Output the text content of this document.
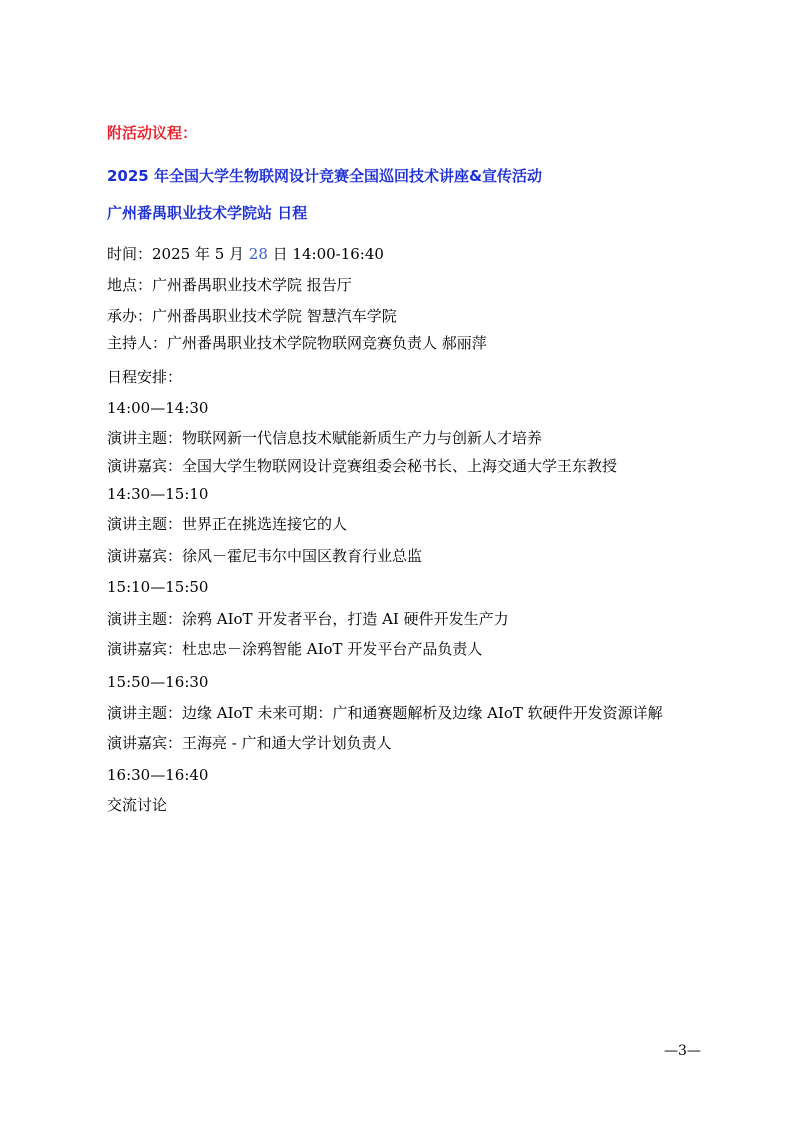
附活动议程：
2025 年全国大学生物联网设计竞赛全国巡回技术讲座&宣传活动
广州番禺职业技术学院站 日程
时间：2025 年 5 月 28 日 14:00-16:40
地点：广州番禺职业技术学院 报告厅
承办：广州番禺职业技术学院 智慧汽车学院
主持人：广州番禺职业技术学院物联网竞赛负责人 郝丽萍
日程安排：
14:00—14:30
演讲主题：物联网新一代信息技术赋能新质生产力与创新人才培养
演讲嘉宾：全国大学生物联网设计竞赛组委会秘书长、上海交通大学王东教授
14:30—15:10
演讲主题：世界正在挑选连接它的人
演讲嘉宾：徐风－霍尼韦尔中国区教育行业总监
15:10—15:50
演讲主题：涂鸦 AIoT 开发者平台，打造 AI 硬件开发生产力
演讲嘉宾：杜忠忠－涂鸦智能 AIoT 开发平台产品负责人
15:50—16:30
演讲主题：边缘 AIoT 未来可期：广和通赛题解析及边缘 AIoT 软硬件开发资源详解
演讲嘉宾：王海亮 - 广和通大学计划负责人
16:30—16:40
交流讨论
—3—
